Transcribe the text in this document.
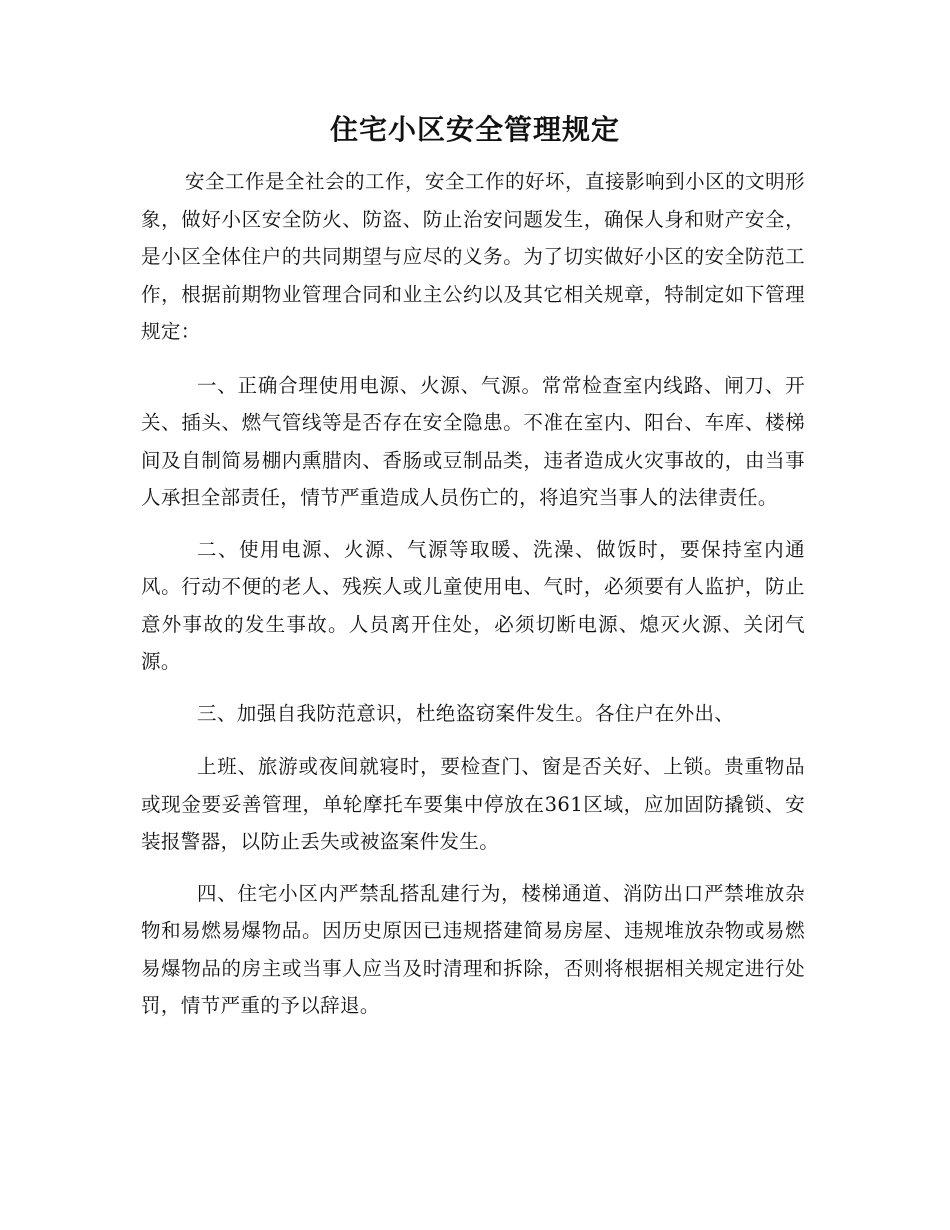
住宅小区安全管理规定

安全工作是全社会的工作，安全工作的好坏，直接影响到小区的文明形象，做好小区安全防火、防盗、防止治安问题发生，确保人身和财产安全，是小区全体住户的共同期望与应尽的义务。为了切实做好小区的安全防范工作，根据前期物业管理合同和业主公约以及其它相关规章，特制定如下管理规定：

一、正确合理使用电源、火源、气源。常常检查室内线路、闸刀、开关、插头、燃气管线等是否存在安全隐患。不准在室内、阳台、车库、楼梯间及自制简易棚内熏腊肉、香肠或豆制品类，违者造成火灾事故的，由当事人承担全部责任，情节严重造成人员伤亡的，将追究当事人的法律责任。

二、使用电源、火源、气源等取暖、洗澡、做饭时，要保持室内通风。行动不便的老人、残疾人或儿童使用电、气时，必须要有人监护，防止意外事故的发生事故。人员离开住处，必须切断电源、熄灭火源、关闭气源。

三、加强自我防范意识，杜绝盗窃案件发生。各住户在外出、

上班、旅游或夜间就寝时，要检查门、窗是否关好、上锁。贵重物品或现金要妥善管理，单轮摩托车要集中停放在361区域，应加固防撬锁、安装报警器，以防止丢失或被盗案件发生。

四、住宅小区内严禁乱搭乱建行为，楼梯通道、消防出口严禁堆放杂物和易燃易爆物品。因历史原因已违规搭建简易房屋、违规堆放杂物或易燃易爆物品的房主或当事人应当及时清理和拆除，否则将根据相关规定进行处罚，情节严重的予以辞退。
